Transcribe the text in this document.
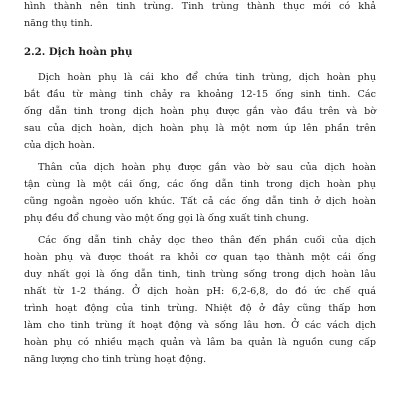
hình thành nên tinh trùng. Tinh trùng thành thục mới có khả
năng thụ tinh.
2.2. Dịch hoàn phụ
Dịch hoàn phụ là cái kho để chứa tinh trùng, dịch hoàn phụ
bắt đầu từ màng tinh chảy ra khoảng 12-15 ống sinh tinh. Các
ống dẫn tinh trong dịch hoàn phụ được gắn vào đầu trên và bờ
sau của dịch hoàn, dịch hoàn phụ là một nơm úp lên phần trên
của dịch hoàn.
Thân của dịch hoàn phụ được gắn vào bờ sau của dịch hoàn
tận cùng là một cái ống, các ống dẫn tinh trong dịch hoàn phụ
cũng ngoằn ngoèo uốn khúc. Tất cả các ống dẫn tinh ở dịch hoàn
phụ đều đổ chung vào một ống gọi là ống xuất tinh chung.
Các ống dẫn tinh chảy dọc theo thân đến phần cuối của dịch
hoàn phụ và được thoát ra khỏi cơ quan tạo thành một cái ống
duy nhất gọi là ống dẫn tinh, tinh trùng sống trong dịch hoàn lâu
nhất từ 1-2 tháng. Ở dịch hoàn pH: 6,2-6,8, do đó ức chế quá
trình hoạt động của tinh trùng. Nhiệt độ ở đây cũng thấp hơn
làm cho tinh trùng ít hoạt động và sống lâu hơn. Ở các vách dịch
hoàn phụ có nhiều mạch quản và lâm ba quản là nguồn cung cấp
năng lượng cho tinh trùng hoạt động.
